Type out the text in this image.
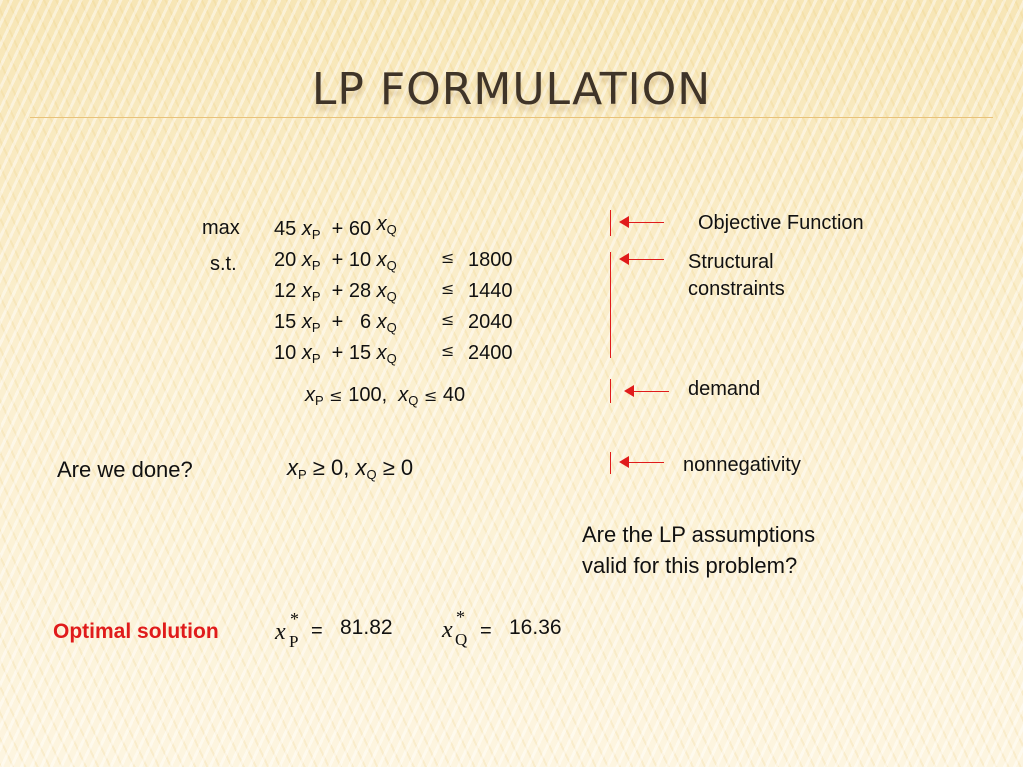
LP FORMULATION
max 45 $x_P + 60$ $x_Q$
s.t. 20 $x_P + 10$ $x_Q$	≤ 1800
12 $x_P + 28$ $x_Q$	≤ 1440
15 $x_P + 6$ $x_Q$	≤ 2040
10 $x_P + 15$ $x_Q$	≤ 2400
$x_P \le 100$, $x_Q \le 40$
$x_P \ge 0$, $x_Q \ge 0$
Are we done?
Objective Function
Structural
constraints
demand
nonnegativity
Are the LP assumptions
valid for this problem?
Optimal solution x *
P = 81.82 x *
Q = 16.36
